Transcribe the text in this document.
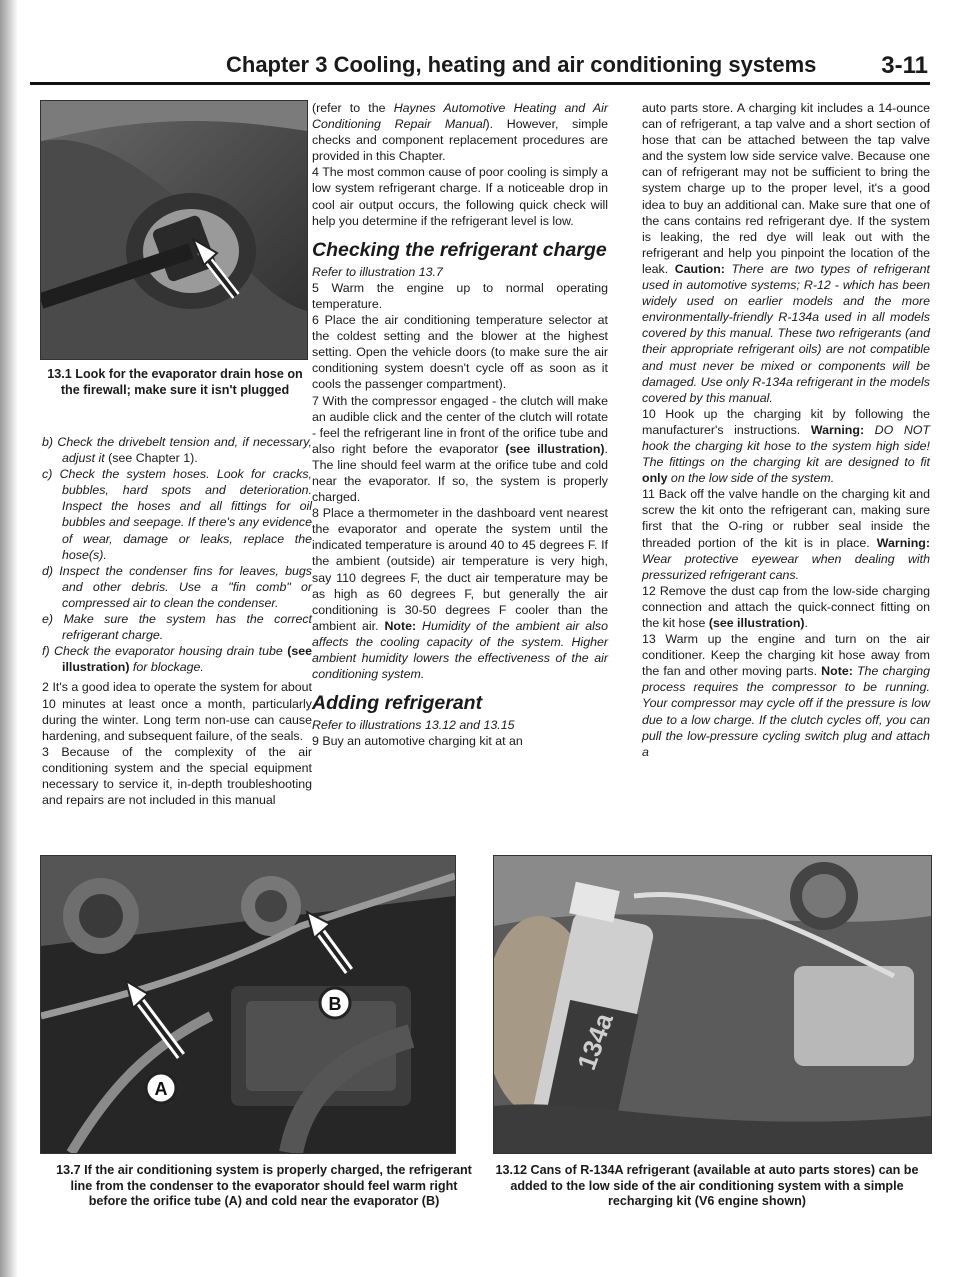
Chapter 3 Cooling, heating and air conditioning systems	3-11
13.1 Look for the evaporator drain hose on the firewall; make sure it isn't plugged

b) Check the drivebelt tension and, if necessary, adjust it (see Chapter 1).

c) Check the system hoses. Look for cracks, bubbles, hard spots and deterioration. Inspect the hoses and all fittings for oil bubbles and seepage. If there's any evidence of wear, damage or leaks, replace the hose(s).

d) Inspect the condenser fins for leaves, bugs and other debris. Use a "fin comb" or compressed air to clean the condenser.

e) Make sure the system has the correct refrigerant charge.

f) Check the evaporator housing drain tube (see illustration) for blockage.

2 It's a good idea to operate the system for about 10 minutes at least once a month, particularly during the winter. Long term non-use can cause hardening, and subsequent failure, of the seals.

3 Because of the complexity of the air conditioning system and the special equipment necessary to service it, in-depth troubleshooting and repairs are not included in this manual

(refer to the Haynes Automotive Heating and Air Conditioning Repair Manual). However, simple checks and component replacement procedures are provided in this Chapter.

4 The most common cause of poor cooling is simply a low system refrigerant charge. If a noticeable drop in cool air output occurs, the following quick check will help you determine if the refrigerant level is low.

Checking the refrigerant charge

Refer to illustration 13.7

5 Warm the engine up to normal operating temperature.

6 Place the air conditioning temperature selector at the coldest setting and the blower at the highest setting. Open the vehicle doors (to make sure the air conditioning system doesn't cycle off as soon as it cools the passenger compartment).

7 With the compressor engaged - the clutch will make an audible click and the center of the clutch will rotate - feel the refrigerant line in front of the orifice tube and also right before the evaporator (see illustration). The line should feel warm at the orifice tube and cold near the evaporator. If so, the system is properly charged.

8 Place a thermometer in the dashboard vent nearest the evaporator and operate the system until the indicated temperature is around 40 to 45 degrees F. If the ambient (outside) air temperature is very high, say 110 degrees F, the duct air temperature may be as high as 60 degrees F, but generally the air conditioning is 30-50 degrees F cooler than the ambient air. Note: Humidity of the ambient air also affects the cooling capacity of the system. Higher ambient humidity lowers the effectiveness of the air conditioning system.

Adding refrigerant

Refer to illustrations 13.12 and 13.15

9 Buy an automotive charging kit at an

auto parts store. A charging kit includes a 14-ounce can of refrigerant, a tap valve and a short section of hose that can be attached between the tap valve and the system low side service valve. Because one can of refrigerant may not be sufficient to bring the system charge up to the proper level, it's a good idea to buy an additional can. Make sure that one of the cans contains red refrigerant dye. If the system is leaking, the red dye will leak out with the refrigerant and help you pinpoint the location of the leak. Caution: There are two types of refrigerant used in automotive systems; R-12 - which has been widely used on earlier models and the more environmentally-friendly R-134a used in all models covered by this manual. These two refrigerants (and their appropriate refrigerant oils) are not compatible and must never be mixed or components will be damaged. Use only R-134a refrigerant in the models covered by this manual.

10 Hook up the charging kit by following the manufacturer's instructions. Warning: DO NOT hook the charging kit hose to the system high side! The fittings on the charging kit are designed to fit only on the low side of the system.

11 Back off the valve handle on the charging kit and screw the kit onto the refrigerant can, making sure first that the O-ring or rubber seal inside the threaded portion of the kit is in place. Warning: Wear protective eyewear when dealing with pressurized refrigerant cans.

12 Remove the dust cap from the low-side charging connection and attach the quick-connect fitting on the kit hose (see illustration).

13 Warm up the engine and turn on the air conditioner. Keep the charging kit hose away from the fan and other moving parts. Note: The charging process requires the compressor to be running. Your compressor may cycle off if the pressure is low due to a low charge. If the clutch cycles off, you can pull the low-pressure cycling switch plug and attach a

A
B
134a
13.7 If the air conditioning system is properly charged, the refrigerant line from the condenser to the evaporator should feel warm right before the orifice tube (A) and cold near the evaporator (B)
13.12 Cans of R-134A refrigerant (available at auto parts stores) can be added to the low side of the air conditioning system with a simple recharging kit (V6 engine shown)
